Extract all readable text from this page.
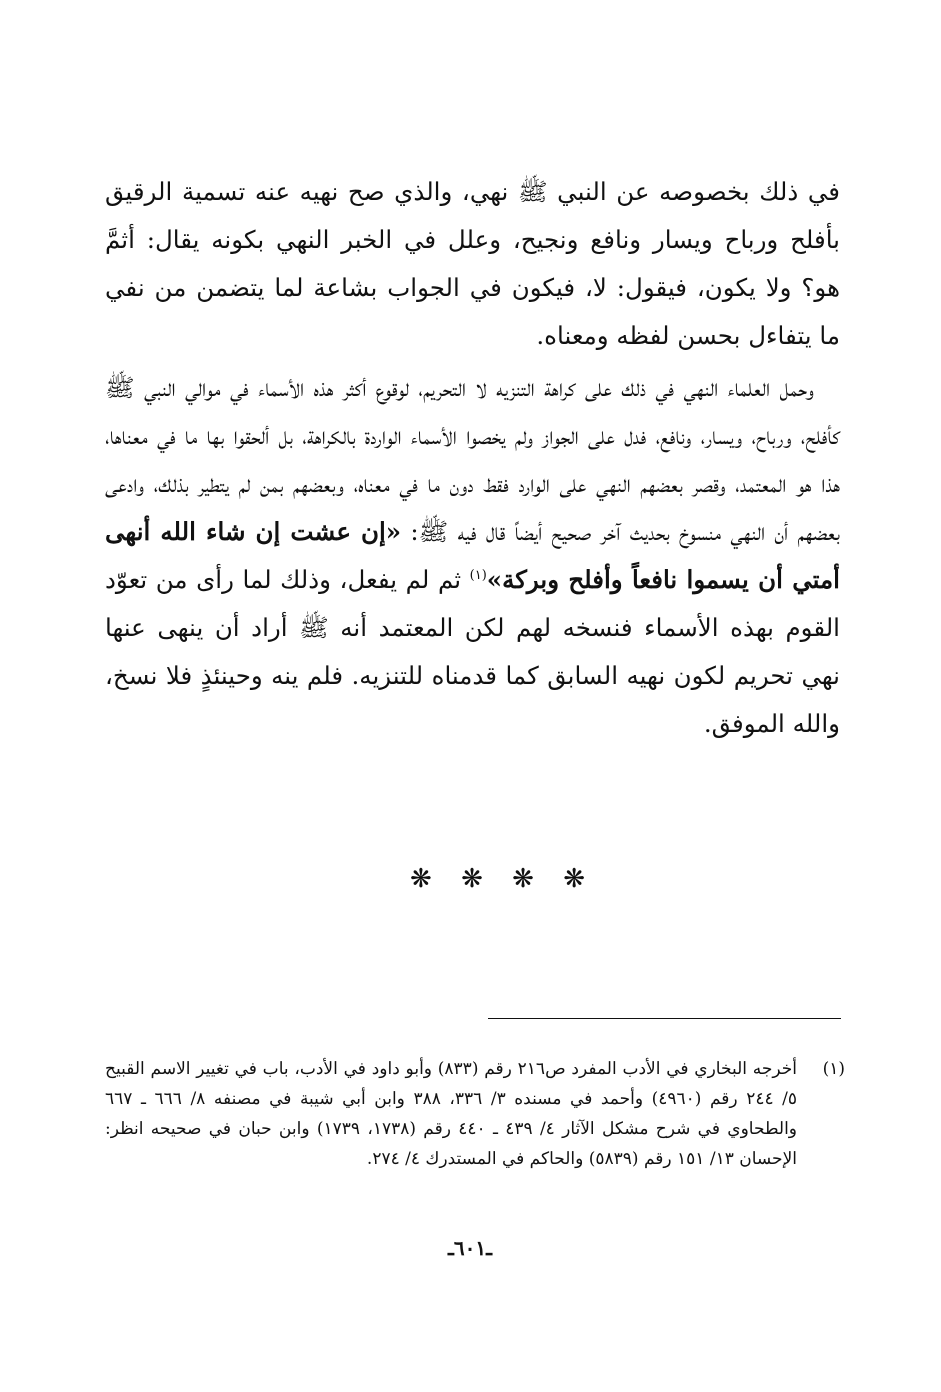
في ذلك بخصوصه عن النبي ﷺ نهي، والذي صح نهيه عنه تسمية الرقيق بأفلح ورباح ويسار ونافع ونجيح، وعلل في الخبر النهي بكونه يقال: أثمَّ هو؟ ولا يكون، فيقول: لا، فيكون في الجواب بشاعة لما يتضمن من نفي ما يتفاءل بحسن لفظه ومعناه.

وحمل العلماء النهي في ذلك على كراهة التنزيه لا التحريم، لوقوع أكثر هذه الأسماء في موالي النبي ﷺ كأفلح، ورباح، ويسار، ونافع، فدل على الجواز ولم يخصوا الأسماء الواردة بالكراهة، بل ألحقوا بها ما في معناها، هذا هو المعتمد، وقصر بعضهم النهي على الوارد فقط دون ما في معناه، وبعضهم بمن لم يتطير بذلك، وادعى بعضهم أن النهي منسوخ بحديث آخر صحيح أيضاً قال فيه ﷺ: «إن عشت إن شاء الله أنهى أمتي أن يسموا نافعاً وأفلح وبركة»$^{(١)}$ ثم لم يفعل، وذلك لما رأى من تعوّد القوم بهذه الأسماء فنسخه لهم لكن المعتمد أنه ﷺ أراد أن ينهى عنها نهي تحريم لكون نهيه السابق كما قدمناه للتنزيه. فلم ينه وحينئذٍ فلا نسخ، والله الموفق.

❋ ❋ ❋ ❋
(١)
أخرجه البخاري في الأدب المفرد ص٢١٦ رقم (٨٣٣) وأبو داود في الأدب، باب في تغيير الاسم القبيح ٥/ ٢٤٤ رقم (٤٩٦٠) وأحمد في مسنده ٣/ ٣٣٦، ٣٨٨ وابن أبي شيبة في مصنفه ٨/ ٦٦٦ ـ ٦٦٧ والطحاوي في شرح مشكل الآثار ٤/ ٤٣٩ ـ ٤٤٠ رقم (١٧٣٨، ١٧٣٩) وابن حبان في صحيحه انظر: الإحسان ١٣/ ١٥١ رقم (٥٨٣٩) والحاكم في المستدرك ٤/ ٢٧٤.
ـ٦٠١ـ
